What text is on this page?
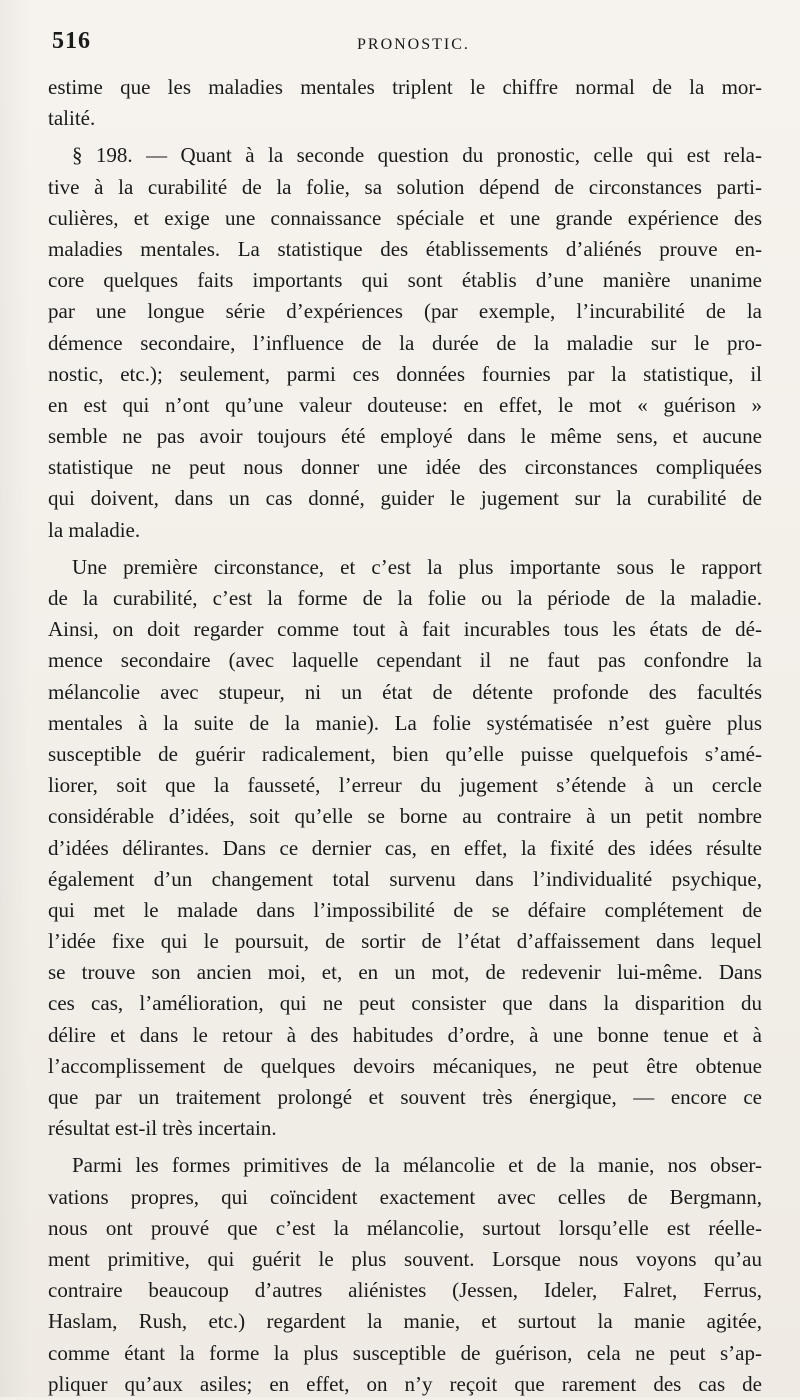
516	PRONOSTIC.
estime que les maladies mentales triplent le chiffre normal de la mor-
talité.
§ 198. — Quant à la seconde question du pronostic, celle qui est rela-
tive à la curabilité de la folie, sa solution dépend de circonstances parti-
culières, et exige une connaissance spéciale et une grande expérience des
maladies mentales. La statistique des établissements d’aliénés prouve en-
core quelques faits importants qui sont établis d’une manière unanime
par une longue série d’expériences (par exemple, l’incurabilité de la
démence secondaire, l’influence de la durée de la maladie sur le pro-
nostic, etc.); seulement, parmi ces données fournies par la statistique, il
en est qui n’ont qu’une valeur douteuse: en effet, le mot « guérison »
semble ne pas avoir toujours été employé dans le même sens, et aucune
statistique ne peut nous donner une idée des circonstances compliquées
qui doivent, dans un cas donné, guider le jugement sur la curabilité de
la maladie.
Une première circonstance, et c’est la plus importante sous le rapport
de la curabilité, c’est la forme de la folie ou la période de la maladie.
Ainsi, on doit regarder comme tout à fait incurables tous les états de dé-
mence secondaire (avec laquelle cependant il ne faut pas confondre la
mélancolie avec stupeur, ni un état de détente profonde des facultés
mentales à la suite de la manie). La folie systématisée n’est guère plus
susceptible de guérir radicalement, bien qu’elle puisse quelquefois s’amé-
liorer, soit que la fausseté, l’erreur du jugement s’étende à un cercle
considérable d’idées, soit qu’elle se borne au contraire à un petit nombre
d’idées délirantes. Dans ce dernier cas, en effet, la fixité des idées résulte
également d’un changement total survenu dans l’individualité psychique,
qui met le malade dans l’impossibilité de se défaire complétement de
l’idée fixe qui le poursuit, de sortir de l’état d’affaissement dans lequel
se trouve son ancien moi, et, en un mot, de redevenir lui-même. Dans
ces cas, l’amélioration, qui ne peut consister que dans la disparition du
délire et dans le retour à des habitudes d’ordre, à une bonne tenue et à
l’accomplissement de quelques devoirs mécaniques, ne peut être obtenue
que par un traitement prolongé et souvent très énergique, — encore ce
résultat est-il très incertain.
Parmi les formes primitives de la mélancolie et de la manie, nos obser-
vations propres, qui coïncident exactement avec celles de Bergmann,
nous ont prouvé que c’est la mélancolie, surtout lorsqu’elle est réelle-
ment primitive, qui guérit le plus souvent. Lorsque nous voyons qu’au
contraire beaucoup d’autres aliénistes (Jessen, Ideler, Falret, Ferrus,
Haslam, Rush, etc.) regardent la manie, et surtout la manie agitée,
comme étant la forme la plus susceptible de guérison, cela ne peut s’ap-
pliquer qu’aux asiles; en effet, on n’y reçoit que rarement des cas de
